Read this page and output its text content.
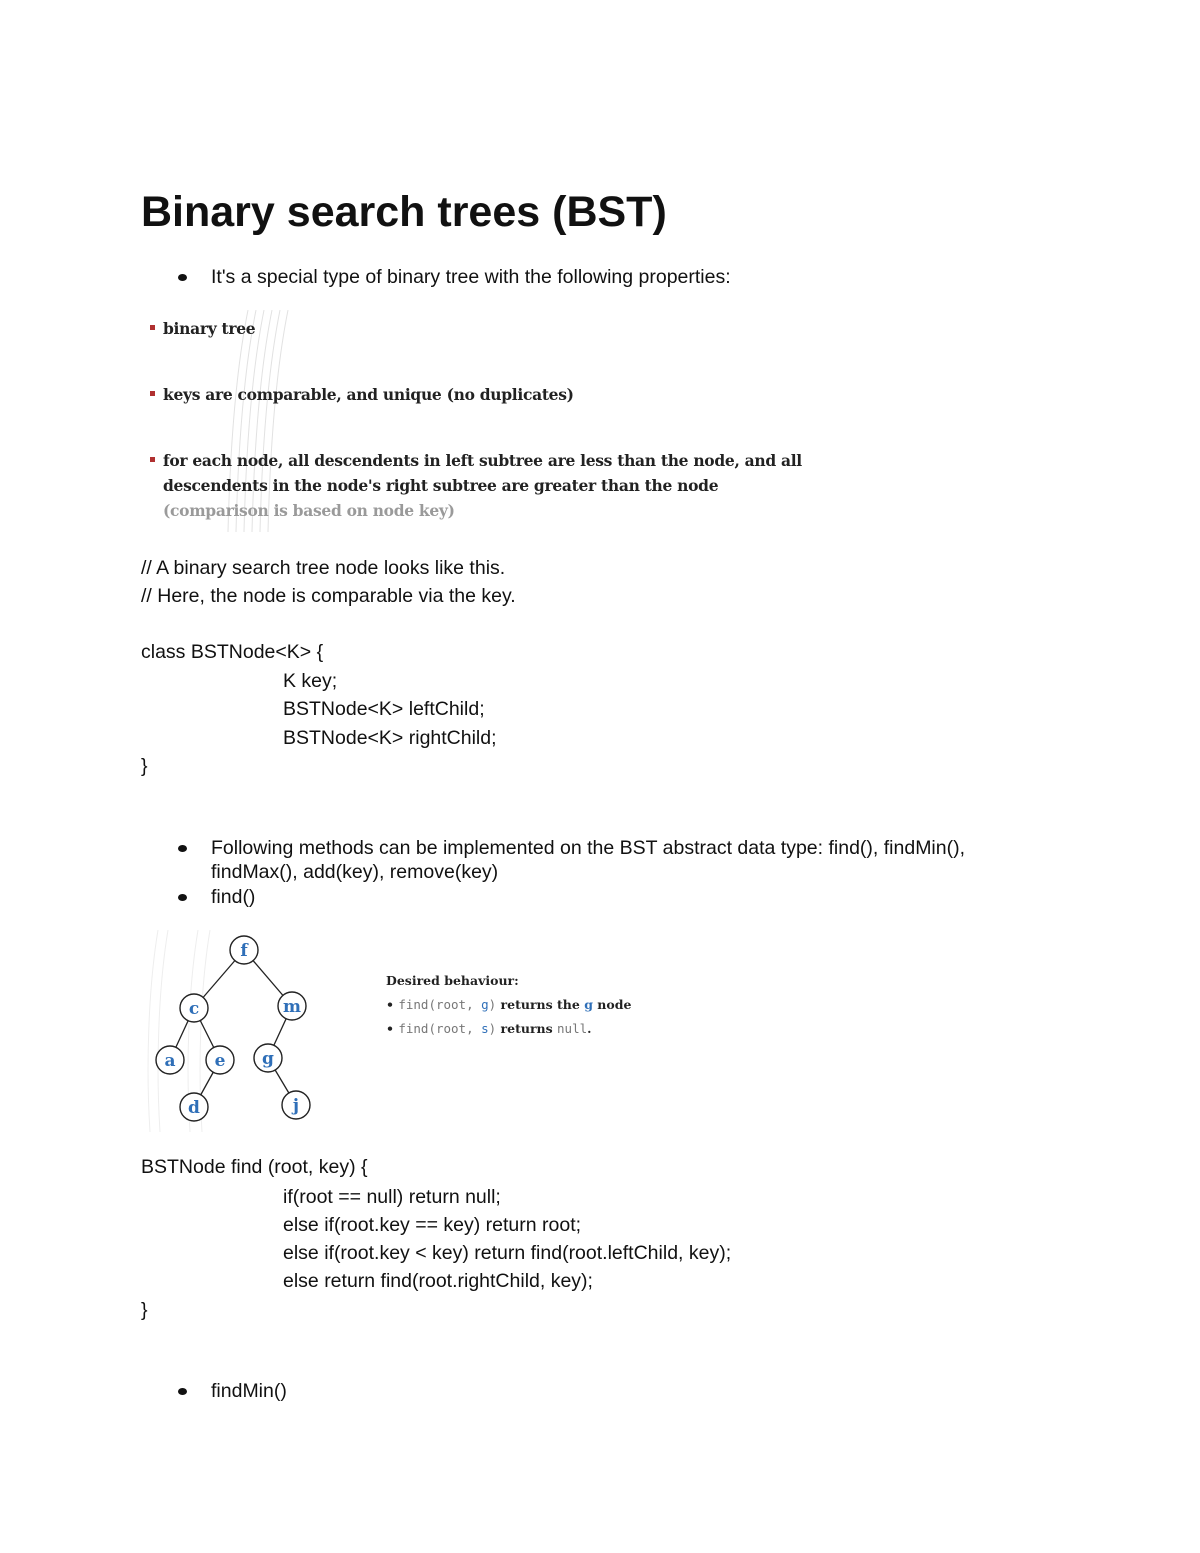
Binary search trees (BST)
It's a special type of binary tree with the following properties:
binary tree
keys are comparable, and unique (no duplicates)
for each node, all descendents in left subtree are less than the node, and all
descendents in the node's right subtree are greater than the node
(comparison is based on node key)
// A binary search tree node looks like this.
// Here, the node is comparable via the key.
class BSTNode<K> {
K key;
BSTNode<K> leftChild;
BSTNode<K> rightChild;
}
Following methods can be implemented on the BST abstract data type: find(), findMin(),
findMax(), add(key), remove(key)
find()
f
c	m
a e g
d	j
Desired behaviour:
• find(root, g) returns the g node
• find(root, s) returns null.
BSTNode find (root, key) {
if(root == null) return null;
else if(root.key == key) return root;
else if(root.key < key) return find(root.leftChild, key);
else return find(root.rightChild, key);
}
findMin()
